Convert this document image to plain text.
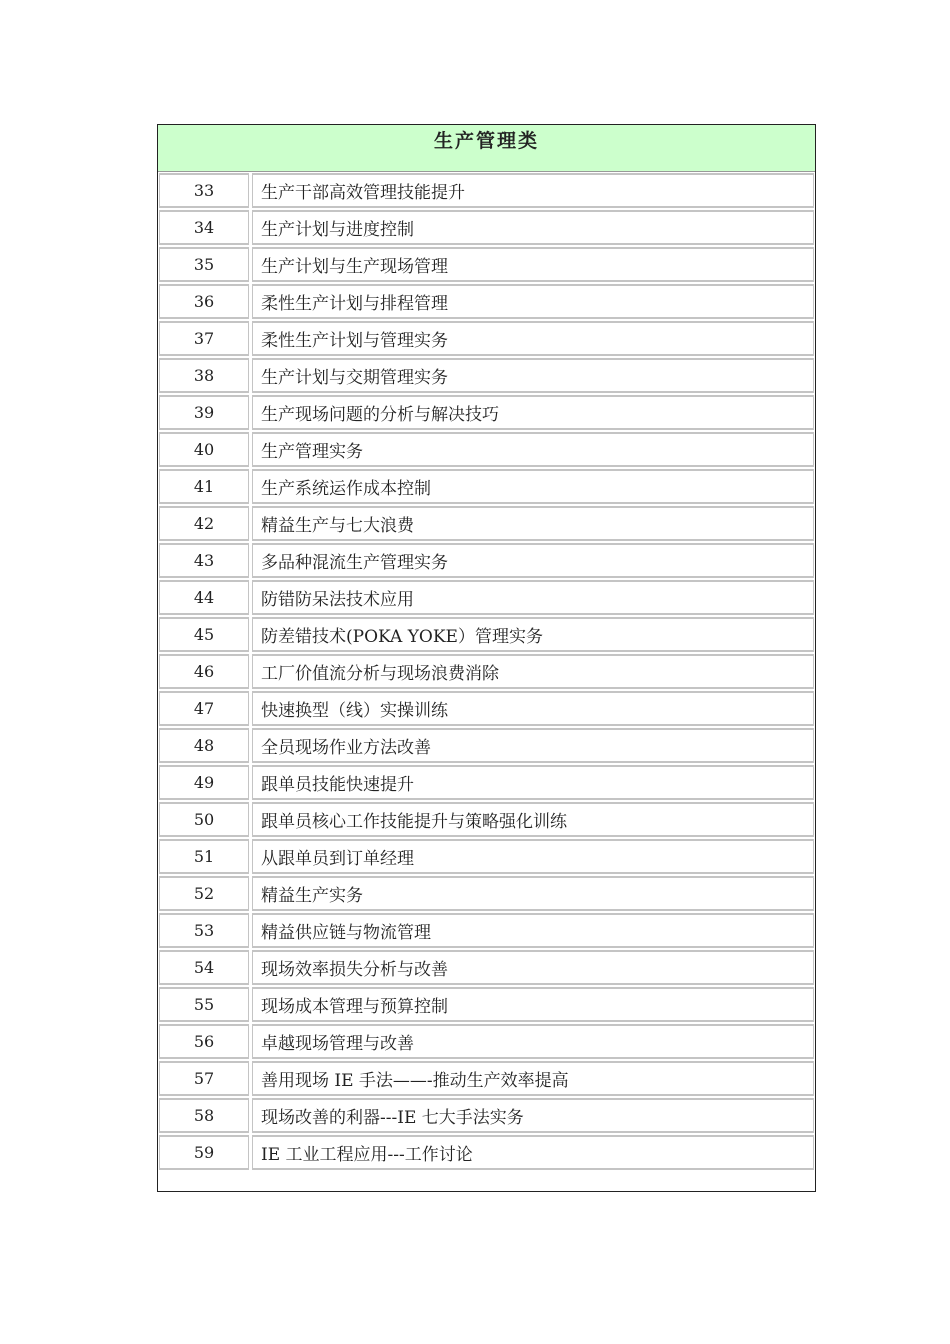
生产管理类
33	生产干部高效管理技能提升
34	生产计划与进度控制
35	生产计划与生产现场管理
36	柔性生产计划与排程管理
37	柔性生产计划与管理实务
38	生产计划与交期管理实务
39	生产现场问题的分析与解决技巧
40	生产管理实务
41	生产系统运作成本控制
42	精益生产与七大浪费
43	多品种混流生产管理实务
44	防错防呆法技术应用
45	防差错技术(POKA YOKE）管理实务
46	工厂价值流分析与现场浪费消除
47	快速换型（线）实操训练
48	全员现场作业方法改善
49	跟单员技能快速提升
50	跟单员核心工作技能提升与策略强化训练
51	从跟单员到订单经理
52	精益生产实务
53	精益供应链与物流管理
54	现场效率损失分析与改善
55	现场成本管理与预算控制
56	卓越现场管理与改善
57	善用现场 IE 手法——-推动生产效率提高
58	现场改善的利器---IE 七大手法实务
59	IE 工业工程应用---工作讨论
